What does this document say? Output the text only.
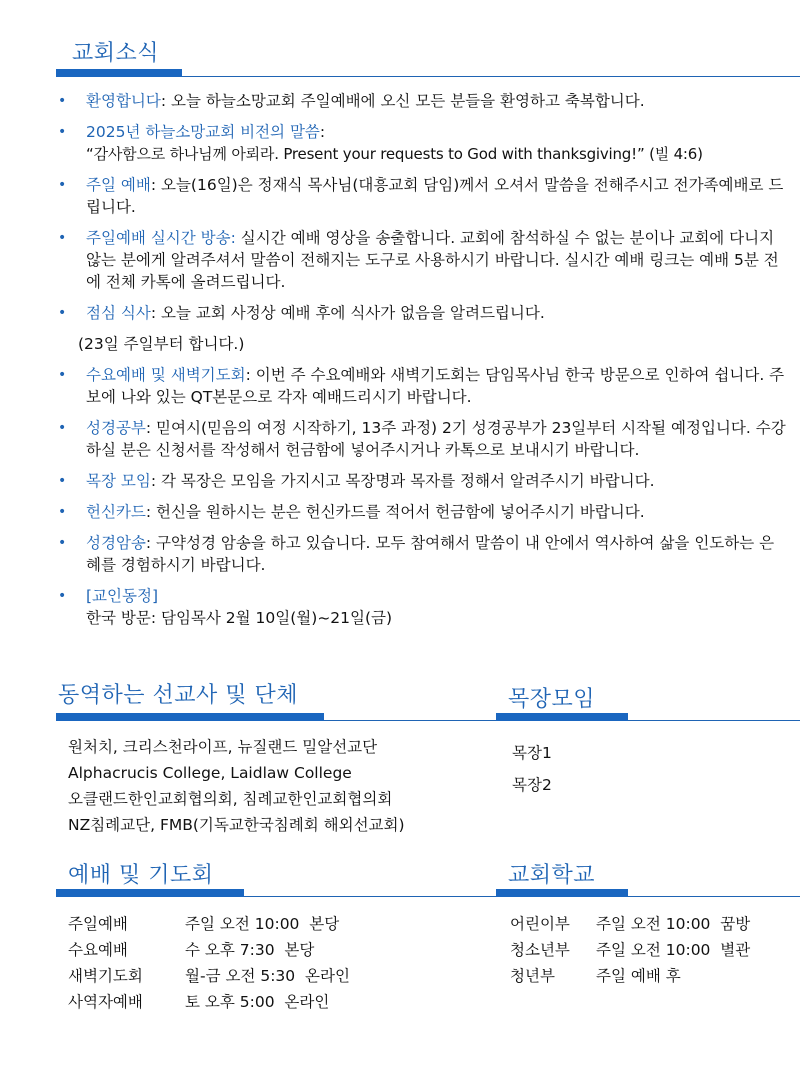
교회소식
• 환영합니다: 오늘 하늘소망교회 주일예배에 오신 모든 분들을 환영하고 축복합니다.
• 2025년 하늘소망교회 비전의 말씀:
“감사함으로 하나님께 아뢰라. Present your requests to God with thanksgiving!” (빌 4:6)
• 주일 예배: 오늘(16일)은 정재식 목사님(대흥교회 담임)께서 오셔서 말씀을 전해주시고 전가족예배로 드립니다.
• 주일예배 실시간 방송: 실시간 예배 영상을 송출합니다. 교회에 참석하실 수 없는 분이나 교회에 다니지 않는 분에게 알려주셔서 말씀이 전해지는 도구로 사용하시기 바랍니다. 실시간 예배 링크는 예배 5분 전에 전체 카톡에 올려드립니다.
• 점심 식사: 오늘 교회 사정상 예배 후에 식사가 없음을 알려드립니다.
(23일 주일부터 합니다.)
• 수요예배 및 새벽기도회: 이번 주 수요예배와 새벽기도회는 담임목사님 한국 방문으로 인하여 쉽니다. 주보에 나와 있는 QT본문으로 각자 예배드리시기 바랍니다.
• 성경공부: 믿여시(믿음의 여정 시작하기, 13주 과정) 2기 성경공부가 23일부터 시작될 예정입니다. 수강하실 분은 신청서를 작성해서 헌금함에 넣어주시거나 카톡으로 보내시기 바랍니다.
• 목장 모임: 각 목장은 모임을 가지시고 목장명과 목자를 정해서 알려주시기 바랍니다.
• 헌신카드: 헌신을 원하시는 분은 헌신카드를 적어서 헌금함에 넣어주시기 바랍니다.
• 성경암송: 구약성경 암송을 하고 있습니다. 모두 참여해서 말씀이 내 안에서 역사하여 삶을 인도하는 은혜를 경험하시기 바랍니다.
• [교인동정]
한국 방문: 담임목사 2월 10일(월)~21일(금)
동역하는 선교사 및 단체
원처치, 크리스천라이프, 뉴질랜드 밀알선교단
Alphacrucis College, Laidlaw College
오클랜드한인교회협의회, 침례교한인교회협의회
NZ침례교단, FMB(기독교한국침례회 해외선교회)
목장모임
목장1
목장2
예배 및 기도회
주일예배	주일 오전 10:00  본당
수요예배	수 오후 7:30  본당
새벽기도회	월-금 오전 5:30  온라인
사역자예배	토 오후 5:00  온라인
교회학교
어린이부	주일 오전 10:00  꿈방
청소년부	주일 오전 10:00  별관
청년부	주일 예배 후
